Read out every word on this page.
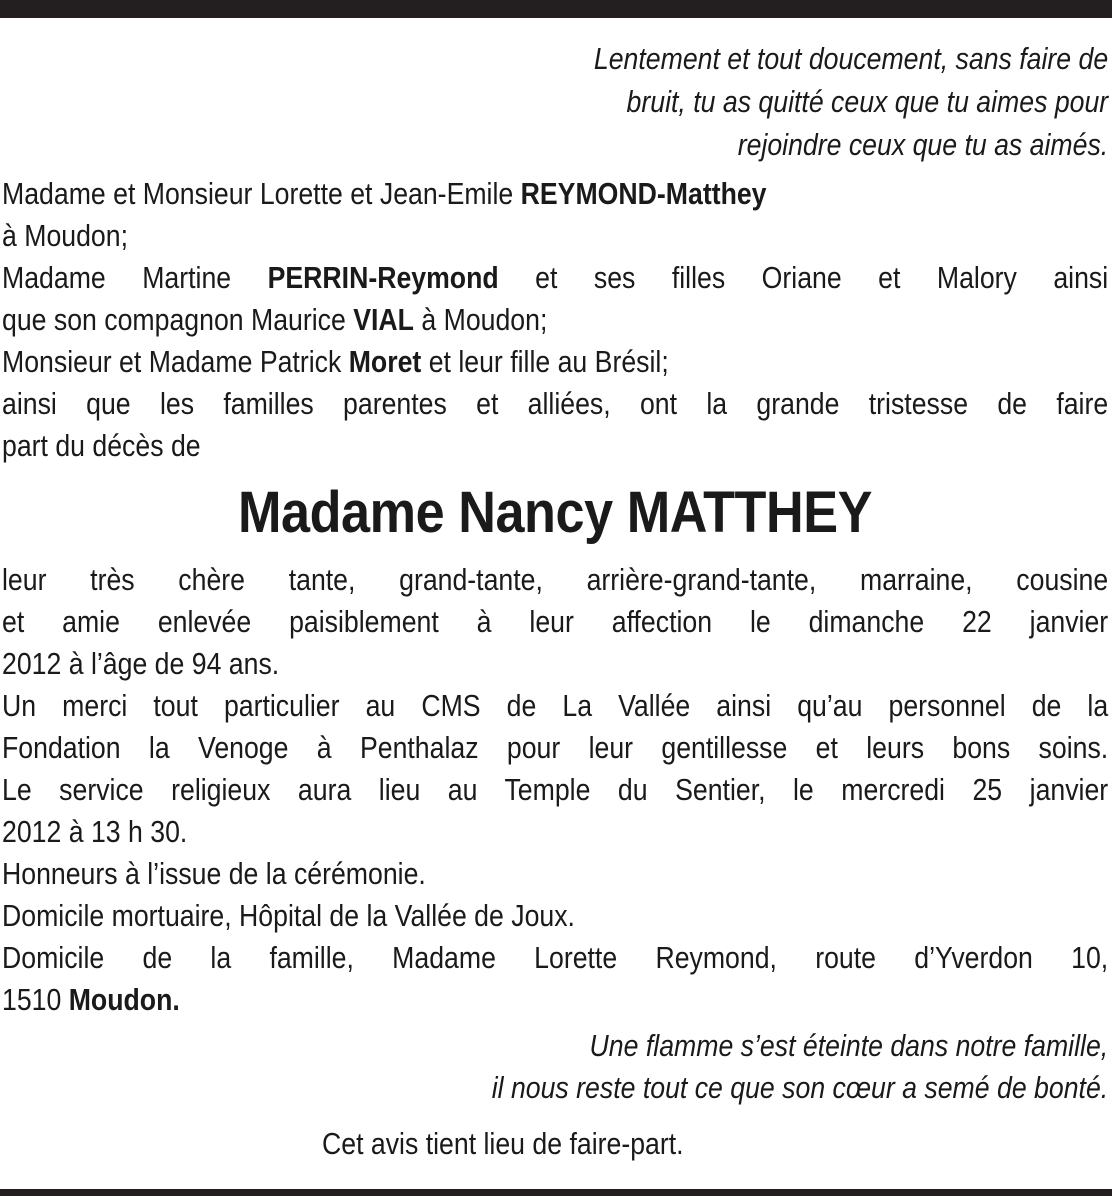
Lentement et tout doucement, sans faire de
bruit, tu as quitté ceux que tu aimes pour
rejoindre ceux que tu as aimés.
Madame et Monsieur Lorette et Jean-Emile REYMOND-Matthey
à Moudon;
Madame Martine PERRIN-Reymond et ses filles Oriane et Malory ainsi
que son compagnon Maurice VIAL à Moudon;
Monsieur et Madame Patrick Moret et leur fille au Brésil;
ainsi que les familles parentes et alliées, ont la grande tristesse de faire
part du décès de
Madame Nancy MATTHEY
leur très chère tante, grand-tante, arrière-grand-tante, marraine, cousine
et amie enlevée paisiblement à leur affection le dimanche 22 janvier
2012 à l’âge de 94 ans.
Un merci tout particulier au CMS de La Vallée ainsi qu’au personnel de la
Fondation la Venoge à Penthalaz pour leur gentillesse et leurs bons soins.
Le service religieux aura lieu au Temple du Sentier, le mercredi 25 janvier
2012 à 13 h 30.
Honneurs à l’issue de la cérémonie.
Domicile mortuaire, Hôpital de la Vallée de Joux.
Domicile de la famille, Madame Lorette Reymond, route d’Yverdon 10,
1510 Moudon.
Une flamme s’est éteinte dans notre famille,
il nous reste tout ce que son cœur a semé de bonté.
Cet avis tient lieu de faire-part.
